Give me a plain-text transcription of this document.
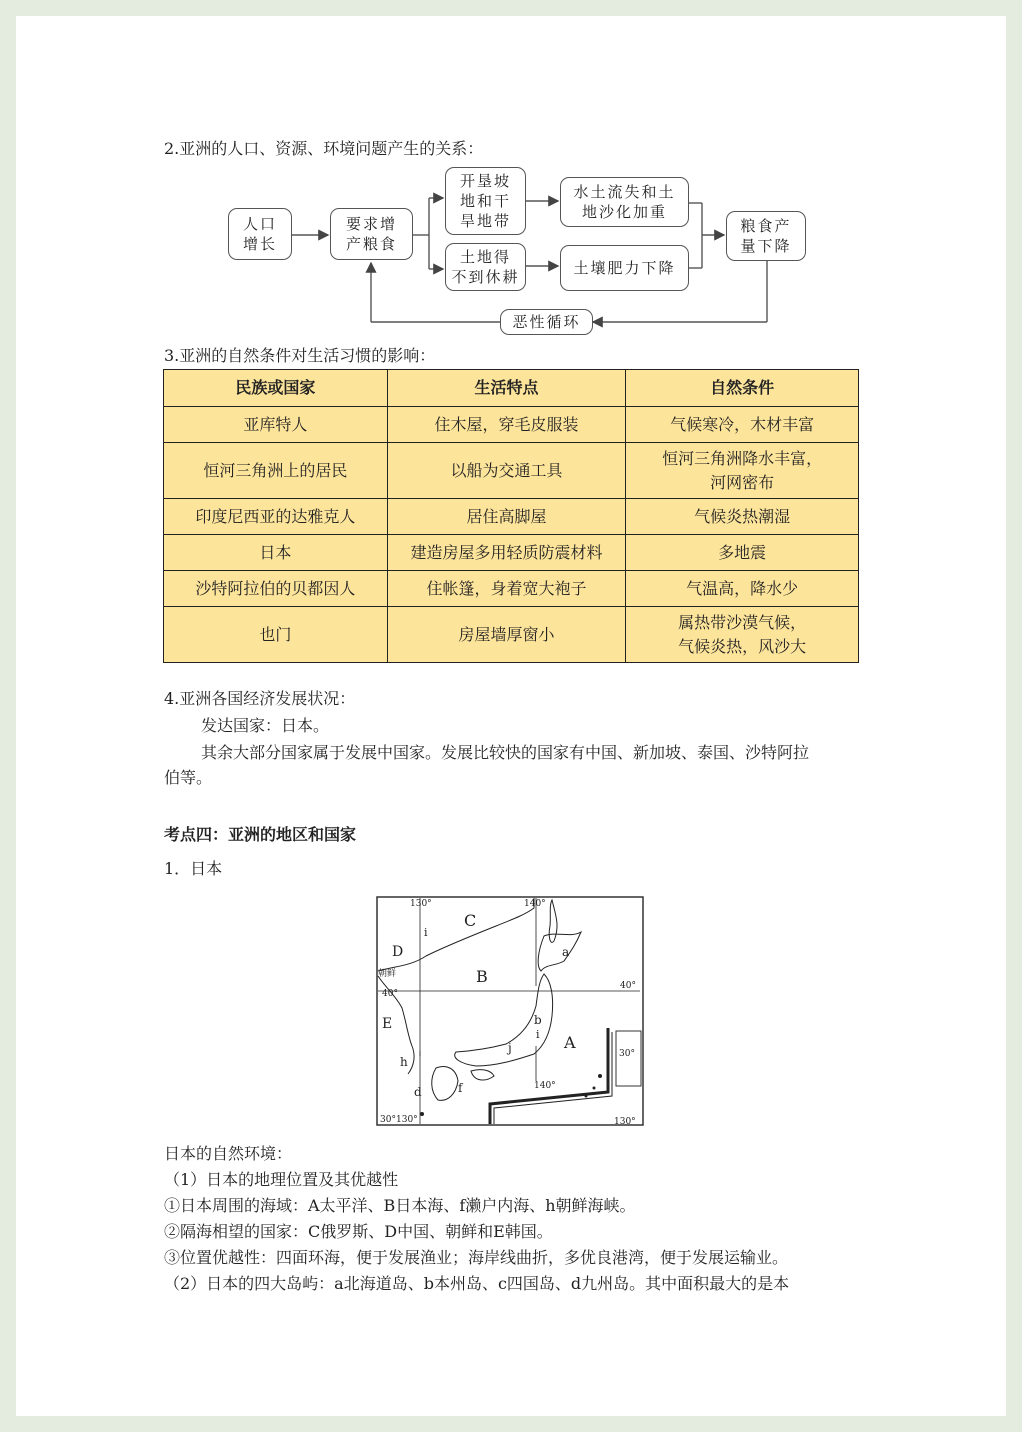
2.亚洲的人口、资源、环境问题产生的关系：
人口
增长
要求增
产粮食
开垦坡
地和干
旱地带
土地得
不到休耕
水土流失和土
地沙化加重
土壤肥力下降
粮食产
量下降
恶性循环
3.亚洲的自然条件对生活习惯的影响：
民族或国家	生活特点	自然条件
亚库特人	住木屋，穿毛皮服装	气候寒冷，木材丰富
恒河三角洲上的居民	以船为交通工具	恒河三角洲降水丰富，
河网密布
印度尼西亚的达雅克人	居住高脚屋	气候炎热潮湿
日本	建造房屋多用轻质防震材料	多地震
沙特阿拉伯的贝都因人	住帐篷，身着宽大袍子	气温高，降水少
也门	房屋墙厚窗小	属热带沙漠气候，
气候炎热，风沙大
4.亚洲各国经济发展状况：
发达国家：日本。
其余大部分国家属于发展中国家。发展比较快的国家有中国、新加坡、泰国、沙特阿拉
伯等。
考点四：亚洲的地区和国家
1．日本
130°	140°
40°
40°
140°
130°
30°
30°
130°
C
B
A
D
E
a
b
i
i
j
h
d	f
朝鲜
日本的自然环境：
（1）日本的地理位置及其优越性
①日本周围的海域：A太平洋、B日本海、f濑户内海、h朝鲜海峡。
②隔海相望的国家：C俄罗斯、D中国、朝鲜和E韩国。
③位置优越性：四面环海，便于发展渔业；海岸线曲折，多优良港湾，便于发展运输业。
（2）日本的四大岛屿：a北海道岛、b本州岛、c四国岛、d九州岛。其中面积最大的是本
